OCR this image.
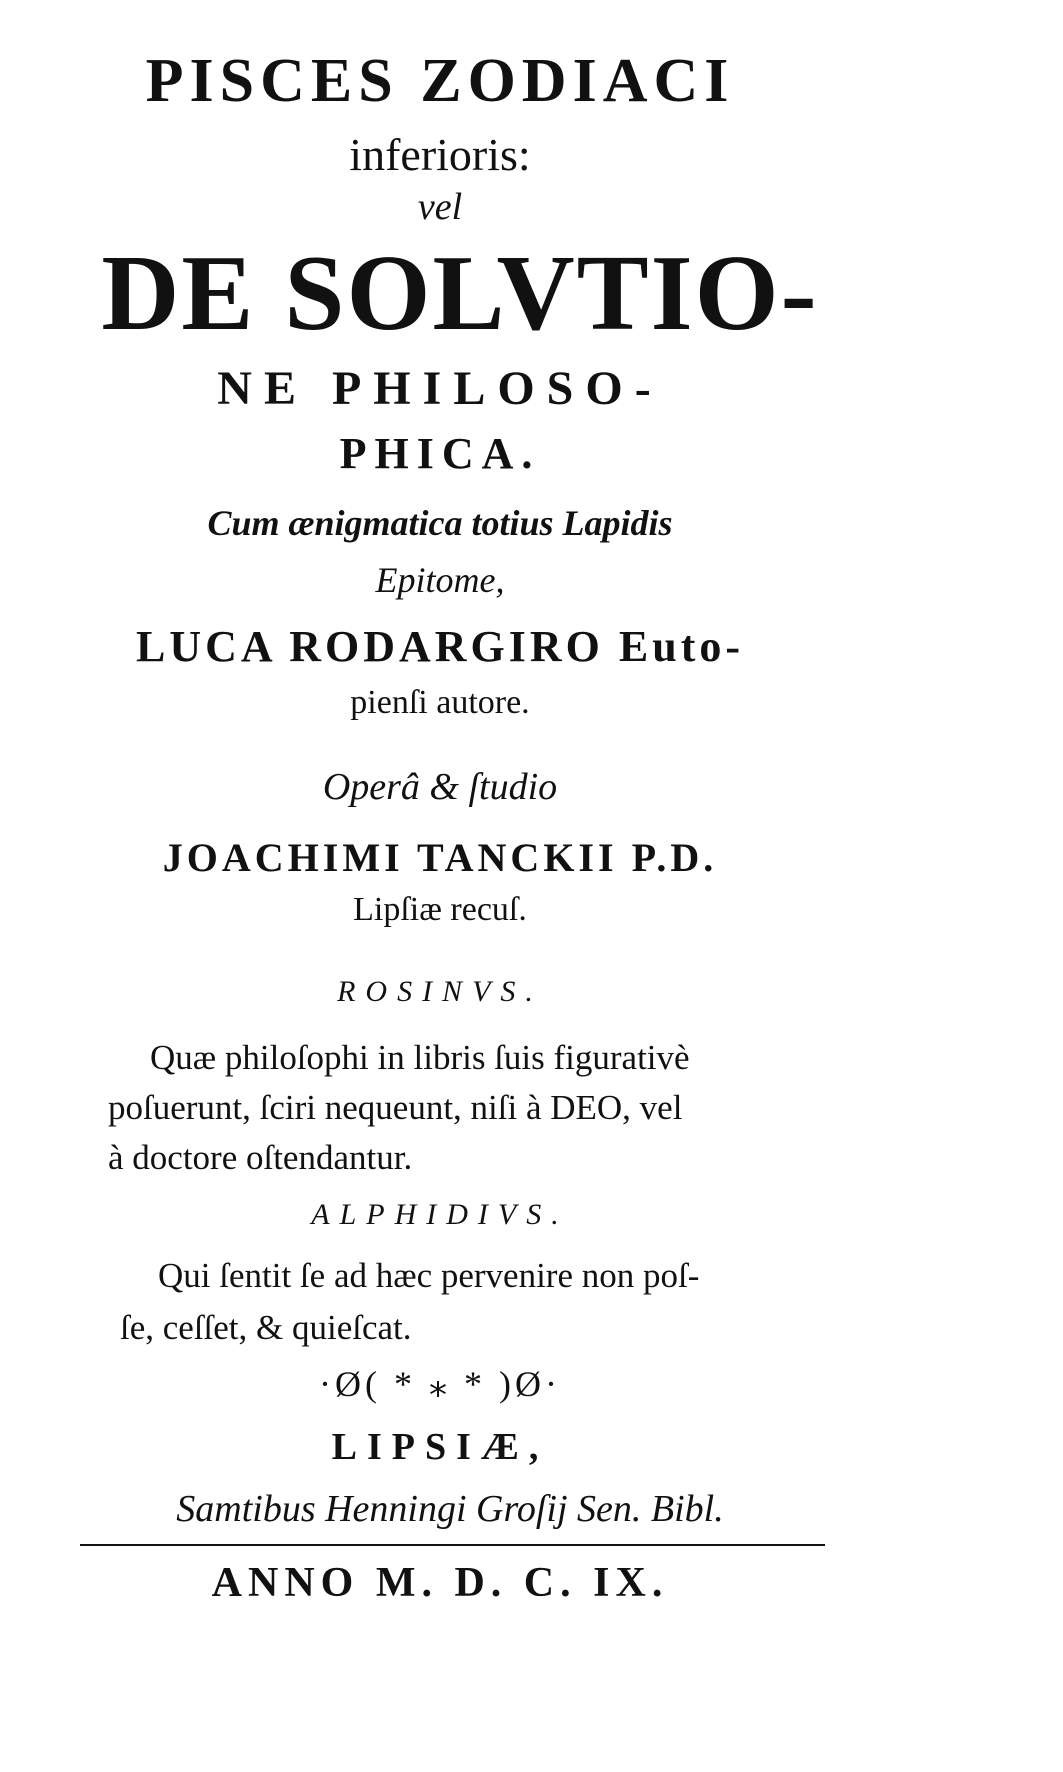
PISCES ZODIACI
inferioris:
vel
DE SOLVTIO-
NE PHILOSO-
PHICA.
Cum ænigmatica totius Lapidis
Epitome,
LUCA RODARGIRO Euto-
pienſi autore.
Operâ & ſtudio
JOACHIMI TANCKII P.D.
Lipſiæ recuſ.
ROSINVS.
Quæ philoſophi in libris ſuis figurativè
poſuerunt, ſciri nequeunt, niſi à DEO, vel
à doctore oſtendantur.
ALPHIDIVS.
Qui ſentit ſe ad hæc pervenire non poſ-
ſe, ceſſet, & quieſcat.
·Ø( * ⁎ * )Ø·
LIPSIÆ,
Samtibus Henningi Groſij Sen. Bibl.
ANNO M. D. C. IX.
